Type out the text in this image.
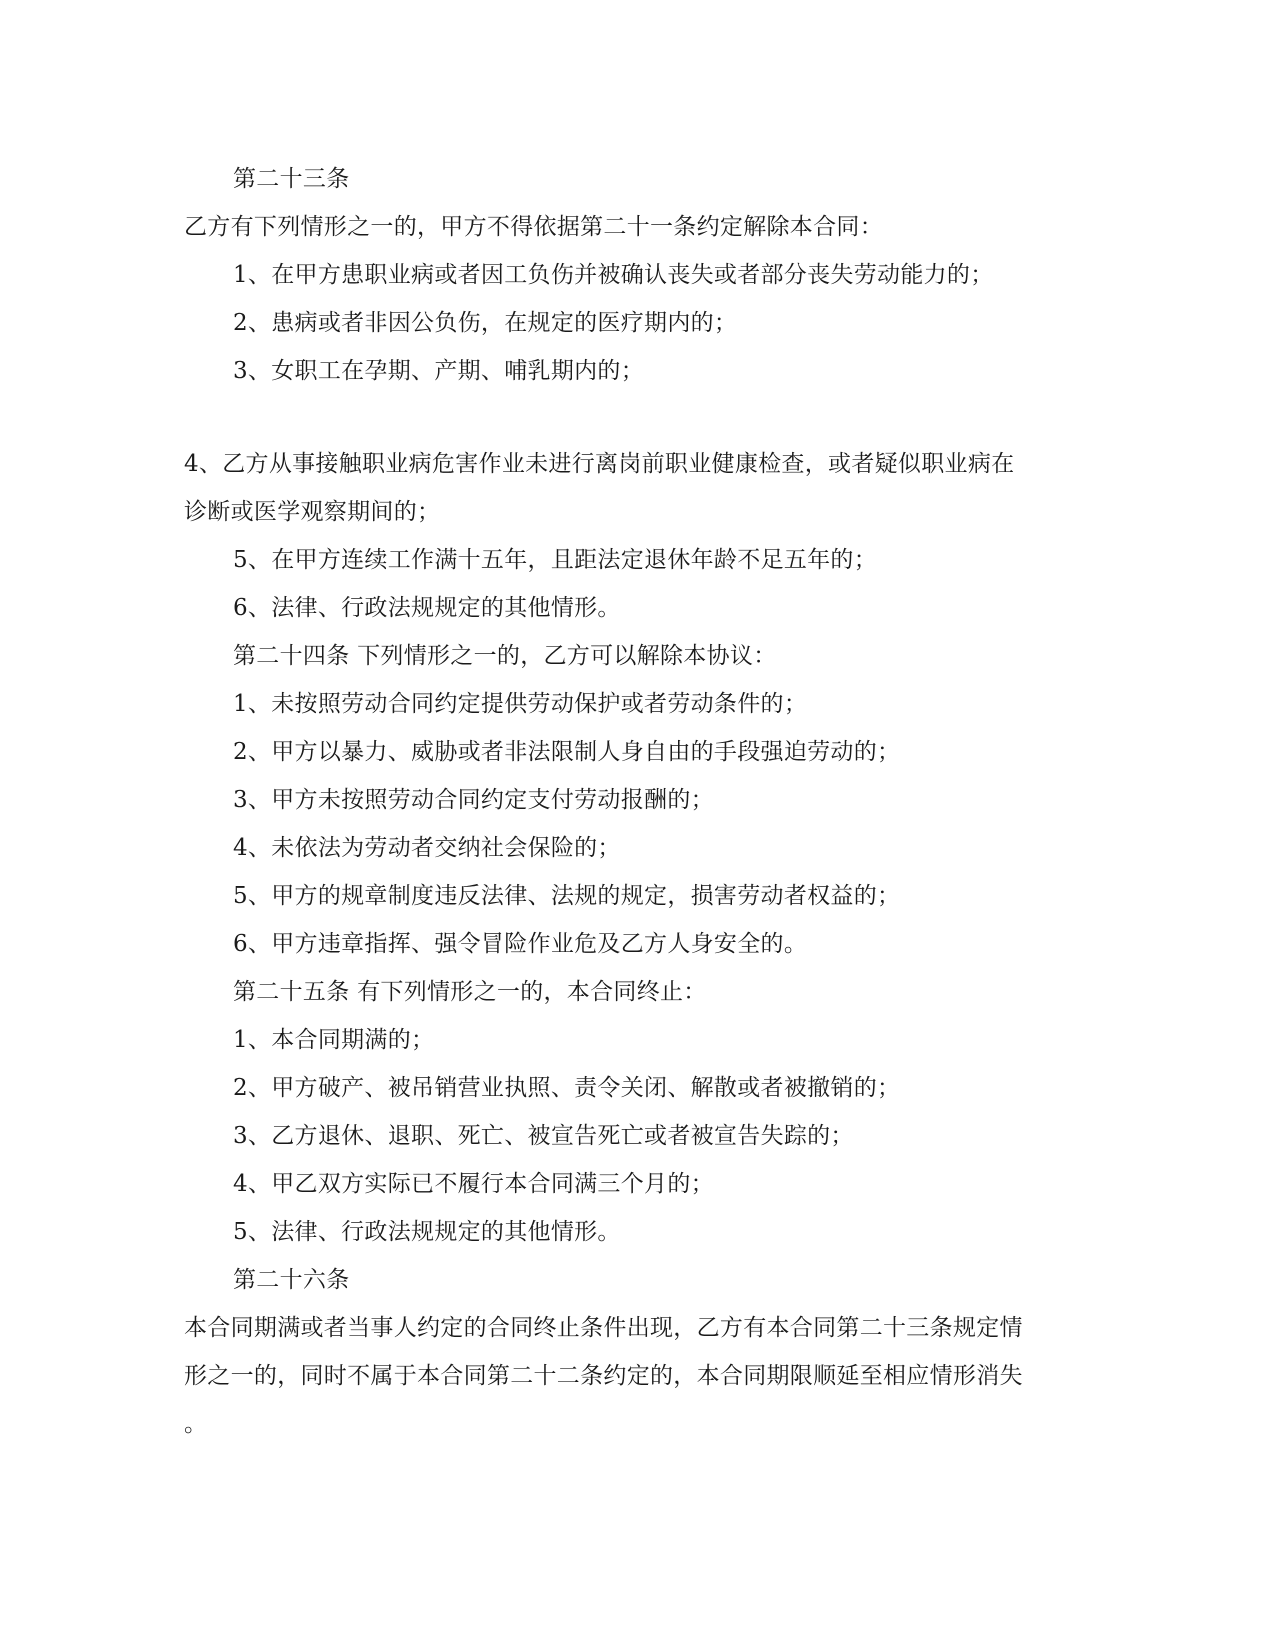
第二十三条
乙方有下列情形之一的，甲方不得依据第二十一条约定解除本合同：
1、在甲方患职业病或者因工负伤并被确认丧失或者部分丧失劳动能力的；
2、患病或者非因公负伤，在规定的医疗期内的；
3、女职工在孕期、产期、哺乳期内的；
4、乙方从事接触职业病危害作业未进行离岗前职业健康检查，或者疑似职业病在
诊断或医学观察期间的；
5、在甲方连续工作满十五年，且距法定退休年龄不足五年的；
6、法律、行政法规规定的其他情形。
第二十四条 下列情形之一的，乙方可以解除本协议：
1、未按照劳动合同约定提供劳动保护或者劳动条件的；
2、甲方以暴力、威胁或者非法限制人身自由的手段强迫劳动的；
3、甲方未按照劳动合同约定支付劳动报酬的；
4、未依法为劳动者交纳社会保险的；
5、甲方的规章制度违反法律、法规的规定，损害劳动者权益的；
6、甲方违章指挥、强令冒险作业危及乙方人身安全的。
第二十五条 有下列情形之一的，本合同终止：
1、本合同期满的；
2、甲方破产、被吊销营业执照、责令关闭、解散或者被撤销的；
3、乙方退休、退职、死亡、被宣告死亡或者被宣告失踪的；
4、甲乙双方实际已不履行本合同满三个月的；
5、法律、行政法规规定的其他情形。
第二十六条
本合同期满或者当事人约定的合同终止条件出现，乙方有本合同第二十三条规定情
形之一的，同时不属于本合同第二十二条约定的，本合同期限顺延至相应情形消失
。
